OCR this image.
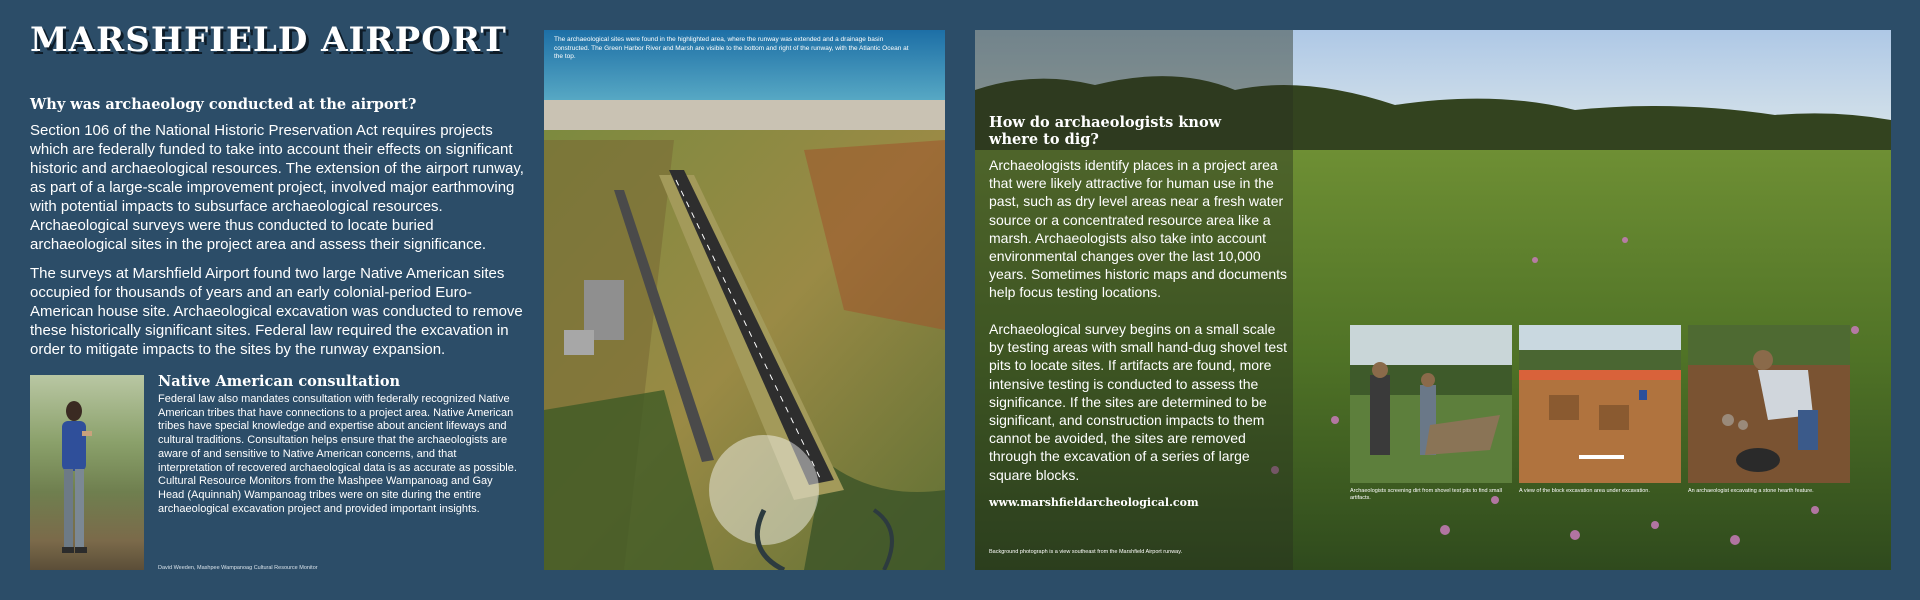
MARSHFIELD AIRPORT
Why was archaeology conducted at the airport?

Section 106 of the National Historic Preservation Act requires projects which are federally funded to take into account their effects on significant historic and archaeological resources. The extension of the airport runway, as part of a large-scale improvement project, involved major earthmoving with potential impacts to subsurface archaeological resources. Archaeological surveys were thus conducted to locate buried archaeological sites in the project area and assess their significance.

The surveys at Marshfield Airport found two large Native American sites occupied for thousands of years and an early colonial-period Euro-American house site. Archaeological excavation was conducted to remove these historically significant sites. Federal law required the excavation in order to mitigate impacts to the sites by the runway expansion.

Native American consultation

Federal law also mandates consultation with federally recognized Native American tribes that have connections to a project area. Native American tribes have special knowledge and expertise about ancient lifeways and cultural traditions. Consultation helps ensure that the archaeologists are aware of and sensitive to Native American concerns, and that interpretation of recovered archaeological data is as accurate as possible. Cultural Resource Monitors from the Mashpee Wampanoag and Gay Head (Aquinnah) Wampanoag tribes were on site during the entire archaeological excavation project and provided important insights.

David Weeden, Mashpee Wampanoag Cultural Resource Monitor
The archaeological sites were found in the highlighted area, where the runway was extended and a drainage basin constructed. The Green Harbor River and Marsh are visible to the bottom and right of the runway, with the Atlantic Ocean at the top.
How do archaeologists know where to dig?

Archaeologists identify places in a project area that were likely attractive for human use in the past, such as dry level areas near a fresh water source or a concentrated resource area like a marsh. Archaeologists also take into account environmental changes over the last 10,000 years. Sometimes historic maps and documents help focus testing locations.

Archaeological survey begins on a small scale by testing areas with small hand-dug shovel test pits to locate sites. If artifacts are found, more intensive testing is conducted to assess the significance. If the sites are determined to be significant, and construction impacts to them cannot be avoided, the sites are removed through the excavation of a series of large square blocks.

www.marshfieldarcheological.com
Background photograph is a view southeast from the Marshfield Airport runway.
Archaeologists screening dirt from shovel test pits to find small artifacts.
A view of the block excavation area under excavation.	An archaeologist excavating a stone hearth feature.
